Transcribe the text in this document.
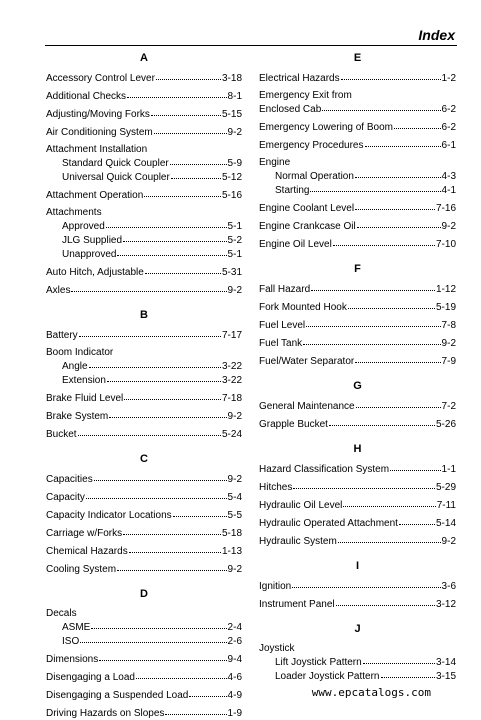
Index
A
Accessory Control Lever	3-18
Additional Checks	8-1
Adjusting/Moving Forks	5-15
Air Conditioning System	9-2
Attachment Installation
Standard Quick Coupler	5-9
Universal Quick Coupler	5-12
Attachment Operation	5-16
Attachments
Approved	5-1
JLG Supplied	5-2
Unapproved	5-1
Auto Hitch, Adjustable	5-31
Axles	9-2
B
Battery	7-17
Boom Indicator
Angle	3-22
Extension	3-22
Brake Fluid Level	7-18
Brake System	9-2
Bucket	5-24
C
Capacities	9-2
Capacity	5-4
Capacity Indicator Locations	5-5
Carriage w/Forks	5-18
Chemical Hazards	1-13
Cooling System	9-2
D
Decals
ASME	2-4
ISO	2-6
Dimensions	9-4
Disengaging a Load	4-6
Disengaging a Suspended Load	4-9
Driving Hazards on Slopes	1-9
E
Electrical Hazards	1-2
Emergency Exit from
Enclosed Cab	6-2
Emergency Lowering of Boom	6-2
Emergency Procedures	6-1
Engine
Normal Operation	4-3
Starting	4-1
Engine Coolant Level	7-16
Engine Crankcase Oil	9-2
Engine Oil Level	7-10
F
Fall Hazard	1-12
Fork Mounted Hook	5-19
Fuel Level	7-8
Fuel Tank	9-2
Fuel/Water Separator	7-9
G
General Maintenance	7-2
Grapple Bucket	5-26
H
Hazard Classification System	1-1
Hitches	5-29
Hydraulic Oil Level	7-11
Hydraulic Operated Attachment	5-14
Hydraulic System	9-2
I
Ignition	3-6
Instrument Panel	3-12
J
Joystick
Lift Joystick Pattern	3-14
Loader Joystick Pattern	3-15
www.epcatalogs.com
